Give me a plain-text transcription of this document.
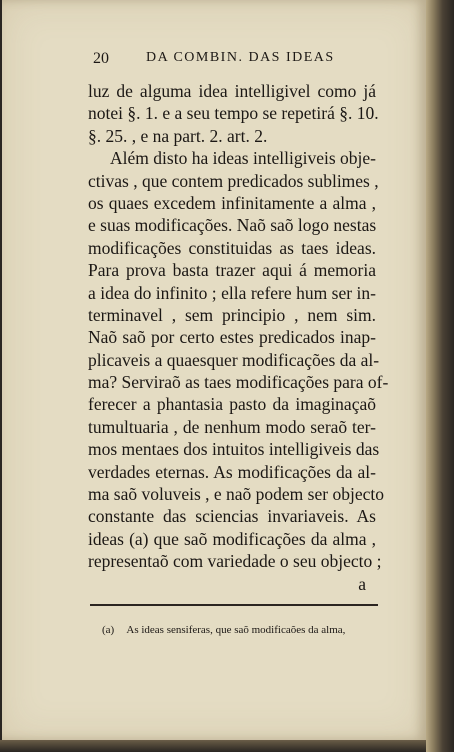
20	DA COMBIN. DAS IDEAS
luz de alguma idea intelligivel como já
notei §. 1. e a seu tempo se repetirá §. 10.
§. 25. , e na part. 2. art. 2.
Além disto ha ideas intelligiveis obje-
ctivas , que contem predicados sublimes ,
os quaes excedem infinitamente a alma ,
e suas modificações. Naõ saõ logo nestas
modificações constituidas as taes ideas.
Para prova basta trazer aqui á memoria
a idea do infinito ; ella refere hum ser in-
terminavel , sem principio , nem sim.
Naõ saõ por certo estes predicados inap-
plicaveis a quaesquer modificações da al-
ma? Serviraõ as taes modificações para of-
ferecer a phantasia pasto da imaginaçaõ
tumultuaria , de nenhum modo seraõ ter-
mos mentaes dos intuitos intelligiveis das
verdades eternas. As modificações da al-
ma saõ voluveis , e naõ podem ser objecto
constante das sciencias invariaveis. As
ideas (a) que saõ modificações da alma ,
representaõ com variedade o seu objecto ;
a
(a) As ideas sensiferas, que saõ modificaões da alma,
